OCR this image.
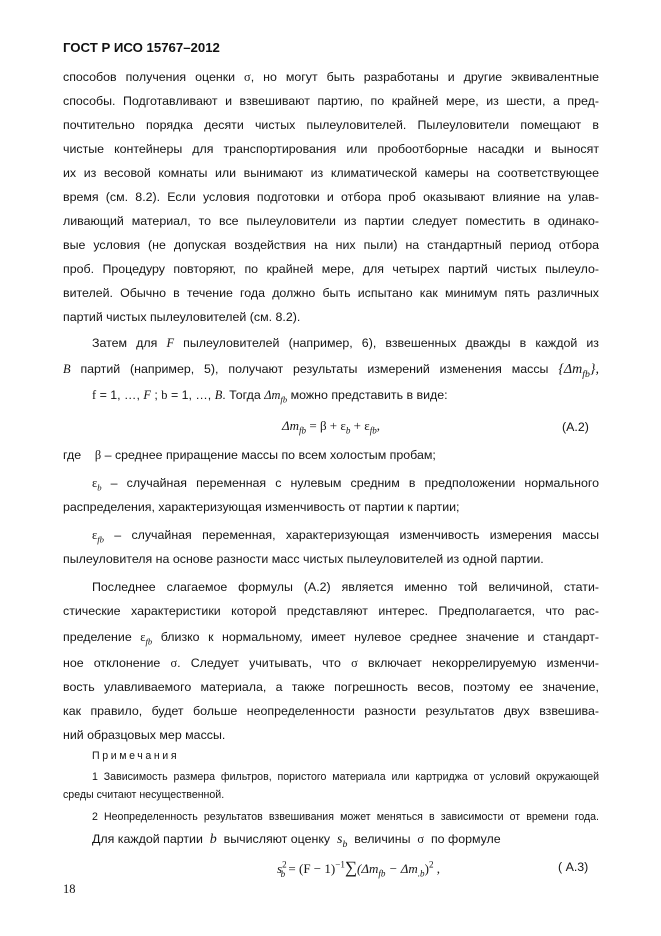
ГОСТ Р ИСО 15767–2012
способов получения оценки σ, но могут быть разработаны и другие эквивалентные
способы. Подготавливают и взвешивают партию, по крайней мере, из шести, а пред-
почтительно порядка десяти чистых пылеуловителей. Пылеуловители помещают в
чистые контейнеры для транспортирования или пробоотборные насадки и выносят
их из весовой комнаты или вынимают из климатической камеры на соответствующее
время (см. 8.2). Если условия подготовки и отбора проб оказывают влияние на улав-
ливающий материал, то все пылеуловители из партии следует поместить в одинако-
вые условия (не допуская воздействия на них пыли) на стандартный период отбора
проб. Процедуру повторяют, по крайней мере, для четырех партий чистых пылеуло-
вителей. Обычно в течение года должно быть испытано как минимум пять различных
партий чистых пылеуловителей (см. 8.2).
Затем для F пылеуловителей (например, 6), взвешенных дважды в каждой из
B партий (например, 5), получают результаты измерений изменения массы $\{\Delta m_{fb}\}$,
f = 1, …, F ; b = 1, …, B. Тогда $\Delta m_{fb}$ можно представить в виде:
$\Delta m_{fb} = \beta + \varepsilon_b + \varepsilon_{fb}$,	(А.2)
где β – среднее приращение массы по всем холостым пробам;
$\varepsilon_b$ – случайная переменная с нулевым средним в предположении нормального
распределения, характеризующая изменчивость от партии к партии;
$\varepsilon_{fb}$ – случайная переменная, характеризующая изменчивость измерения массы
пылеуловителя на основе разности масс чистых пылеуловителей из одной партии.
Последнее слагаемое формулы (А.2) является именно той величиной, стати-
стические характеристики которой представляют интерес. Предполагается, что рас-
пределение $\varepsilon_{fb}$ близко к нормальному, имеет нулевое среднее значение и стандарт-
ное отклонение σ. Следует учитывать, что σ включает некоррелируемую изменчи-
вость улавливаемого материала, а также погрешность весов, поэтому ее значение,
как правило, будет больше неопределенности разности результатов двух взвешива-
ний образцовых мер массы.
Примечания
1 Зависимость размера фильтров, пористого материала или картриджа от условий окружающей
среды считают несущественной.
2 Неопределенность результатов взвешивания может меняться в зависимости от времени года.
Для каждой партии b вычисляют оценку $s_b$ величины σ по формуле
$s^2_b = (F - 1)^{-1}\sum(\Delta m_{fb} - \Delta m_{.b})^2$ ,	( А.3)
18
